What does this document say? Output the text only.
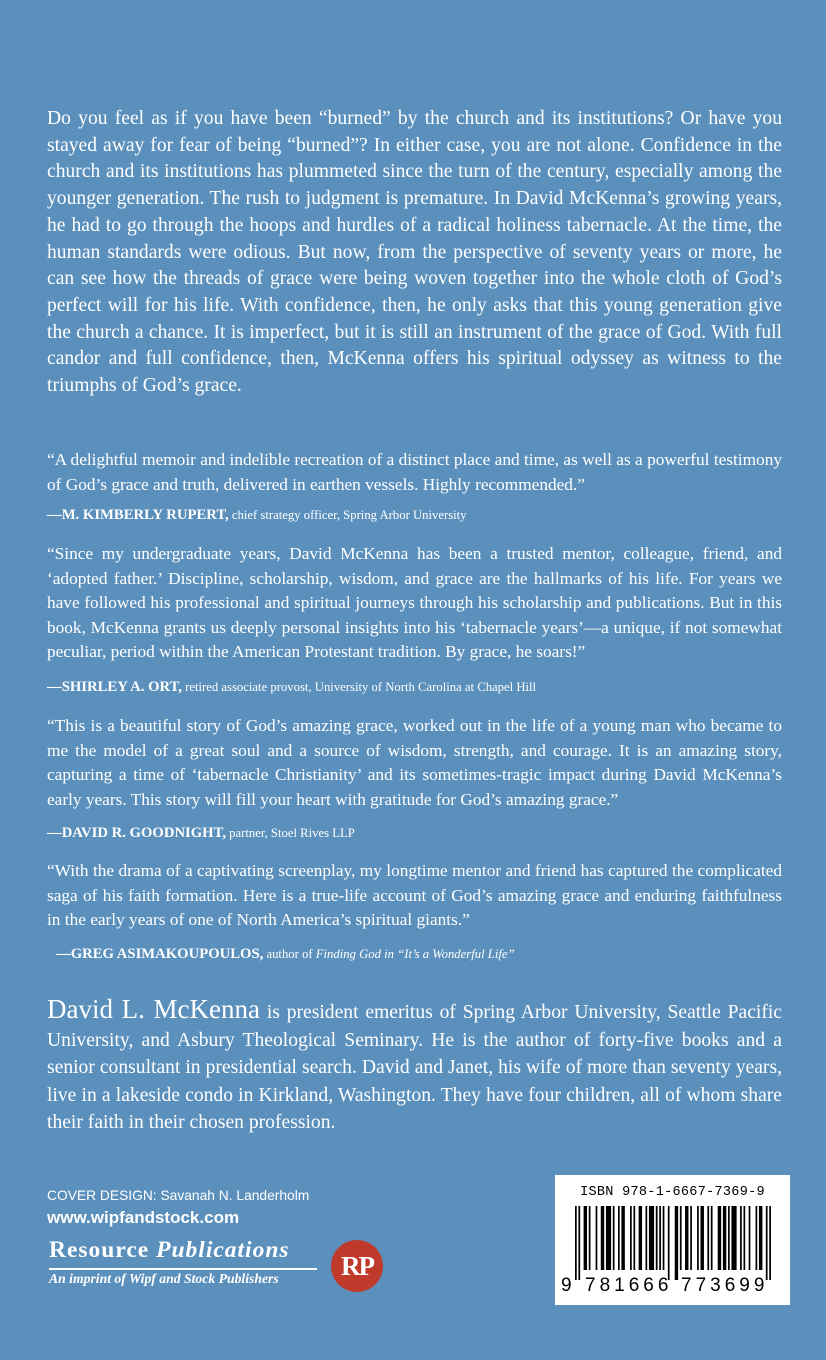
Do you feel as if you have been “burned” by the church and its institutions? Or have you stayed away for fear of being “burned”? In either case, you are not alone. Confidence in the church and its institutions has plummeted since the turn of the century, especially among the younger generation. The rush to judgment is premature. In David McKenna’s growing years, he had to go through the hoops and hurdles of a radical holiness tabernacle. At the time, the human standards were odious. But now, from the perspective of seventy years or more, he can see how the threads of grace were being woven together into the whole cloth of God’s perfect will for his life. With confidence, then, he only asks that this young generation give the church a chance. It is imperfect, but it is still an instrument of the grace of God. With full candor and full confidence, then, McKenna offers his spiritual odyssey as witness to the triumphs of God’s grace.

“A delightful memoir and indelible recreation of a distinct place and time, as well as a powerful testimony of God’s grace and truth, delivered in earthen vessels. Highly recommended.”

—M. KIMBERLY RUPERT, chief strategy officer, Spring Arbor University

“Since my undergraduate years, David McKenna has been a trusted mentor, colleague, friend, and ‘adopted father.’ Discipline, scholarship, wisdom, and grace are the hallmarks of his life. For years we have followed his professional and spiritual journeys through his scholarship and publications. But in this book, McKenna grants us deeply personal insights into his ‘tabernacle years’—a unique, if not somewhat peculiar, period within the American Protestant tradition. By grace, he soars!”

—SHIRLEY A. ORT, retired associate provost, University of North Carolina at Chapel Hill

“This is a beautiful story of God’s amazing grace, worked out in the life of a young man who became to me the model of a great soul and a source of wisdom, strength, and courage. It is an amazing story, capturing a time of ‘tabernacle Christianity’ and its sometimes-tragic impact during David McKenna’s early years. This story will fill your heart with gratitude for God’s amazing grace.”

—DAVID R. GOODNIGHT, partner, Stoel Rives LLP

“With the drama of a captivating screenplay, my longtime mentor and friend has captured the complicated saga of his faith formation. Here is a true-life account of God’s amazing grace and enduring faithfulness in the early years of one of North America’s spiritual giants.”

—GREG ASIMAKOUPOULOS, author of Finding God in “It’s a Wonderful Life”

David L. McKenna is president emeritus of Spring Arbor University, Seattle Pacific University, and Asbury Theological Seminary. He is the author of forty-five books and a senior consultant in presidential search. David and Janet, his wife of more than seventy years, live in a lakeside condo in Kirkland, Washington. They have four children, all of whom share their faith in their chosen profession.

COVER DESIGN: Savanah N. Landerholm

www.wipfandstock.com

Resource Publications
An imprint of Wipf and Stock Publishers	RP
ISBN 978-1-6667-7369-9
9 781666 773699
